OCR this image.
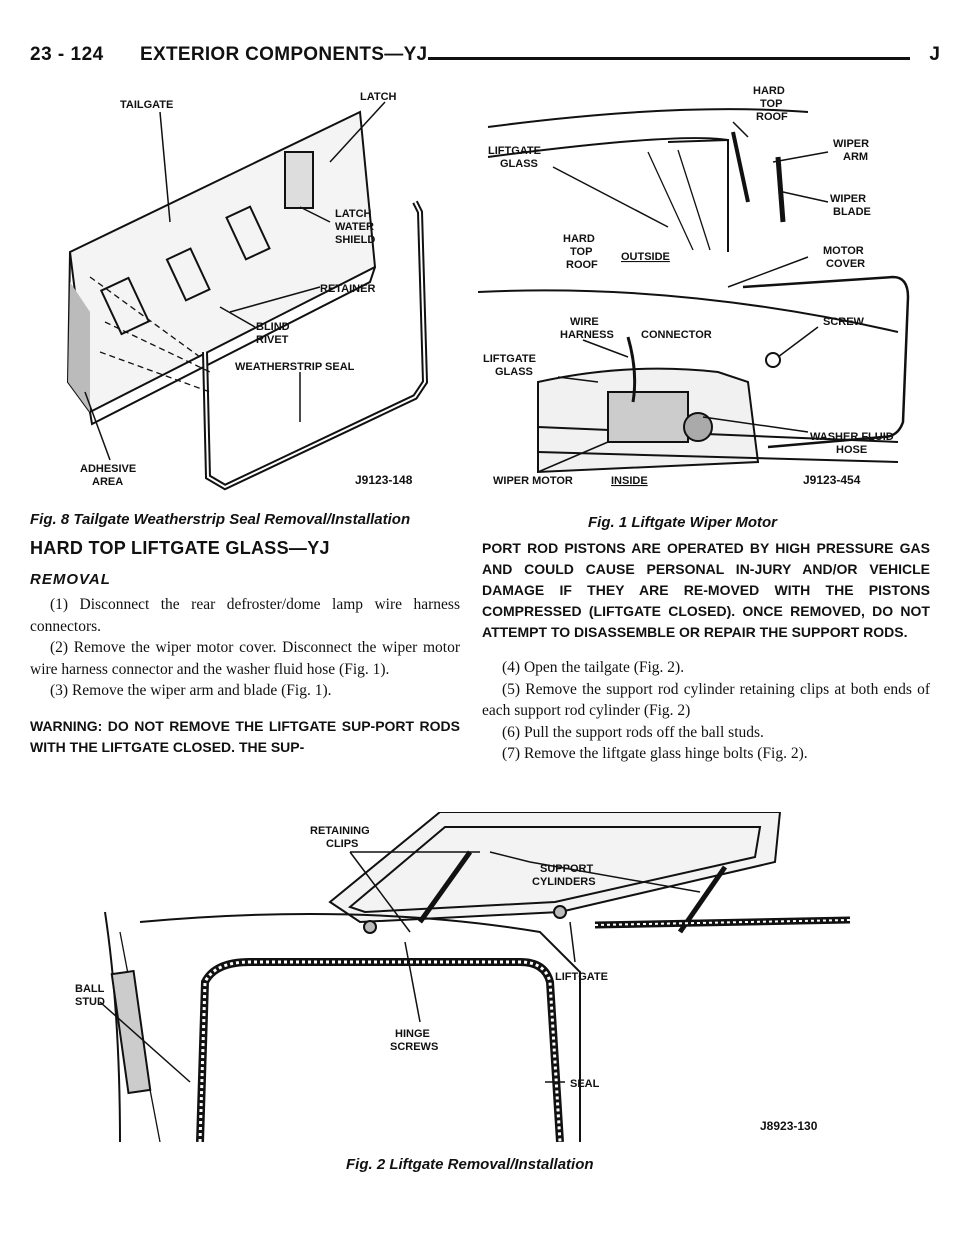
23 - 124 EXTERIOR COMPONENTS—YJ	J
TAILGATE
LATCH
LATCH
WATER
SHIELD
RETAINER
BLIND
RIVET
WEATHERSTRIP SEAL
ADHESIVE
AREA	J9123-148
Fig. 8 Tailgate Weatherstrip Seal Removal/Installation
HARD
TOP
ROOF
WIPER
ARM
LIFTGATE
GLASS
WIPER
BLADE
HARD
TOP
ROOF
OUTSIDE	MOTOR
COVER
WIRE
HARNESS CONNECTOR
SCREW
LIFTGATE
GLASS
WASHER FLUID
HOSE
WIPER MOTOR	INSIDE	J9123-454
Fig. 1 Liftgate Wiper Motor
HARD TOP LIFTGATE GLASS—YJ
REMOVAL

(1) Disconnect the rear defroster/dome lamp wire harness connectors.

(2) Remove the wiper motor cover. Disconnect the wiper motor wire harness connector and the washer fluid hose (Fig. 1).

(3) Remove the wiper arm and blade (Fig. 1).

WARNING: DO NOT REMOVE THE LIFTGATE SUP-PORT RODS WITH THE LIFTGATE CLOSED. THE SUP-

PORT ROD PISTONS ARE OPERATED BY HIGH PRESSURE GAS AND COULD CAUSE PERSONAL IN-JURY AND/OR VEHICLE DAMAGE IF THEY ARE RE-MOVED WITH THE PISTONS COMPRESSED (LIFTGATE CLOSED). ONCE REMOVED, DO NOT ATTEMPT TO DISASSEMBLE OR REPAIR THE SUPPORT RODS.

(4) Open the tailgate (Fig. 2).

(5) Remove the support rod cylinder retaining clips at both ends of each support rod cylinder (Fig. 2)

(6) Pull the support rods off the ball studs.

(7) Remove the liftgate glass hinge bolts (Fig. 2).

RETAINING
CLIPS
SUPPORT
CYLINDERS
BALL
STUD
LIFTGATE
HINGE
SCREWS
SEAL
J8923-130
Fig. 2 Liftgate Removal/Installation
